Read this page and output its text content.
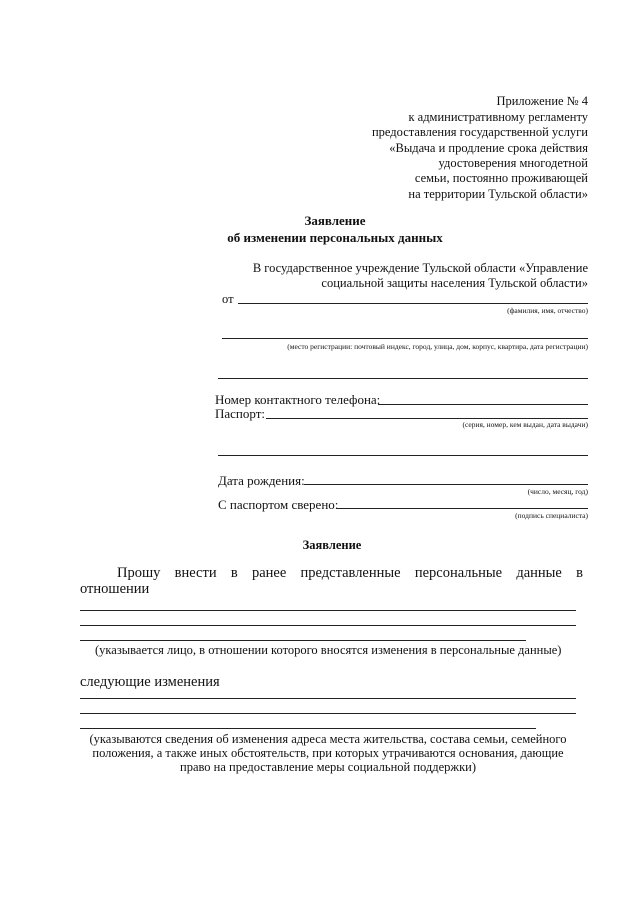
Приложение № 4
к административному регламенту
предоставления государственной услуги
«Выдача и продление срока действия
удостоверения многодетной
семьи, постоянно проживающей
на территории Тульской области»
Заявление
об изменении персональных данных
В государственное учреждение Тульской области «Управление
социальной защиты населения Тульской области»
от
(фамилия, имя, отчество)
(место регистрации: почтовый индекс, город, улица, дом, корпус, квартира, дата регистрации)
Номер контактного телефона:
Паспорт:
(серия, номер, кем выдан, дата выдачи)
Дата рождения:
(число, месяц, год)
С паспортом сверено:
(подпись специалиста)
Заявление
Прошу внести в ранее представленные персональные данные в
отношении
(указывается лицо, в отношении которого вносятся изменения в персональные данные)
следующие изменения
(указываются сведения об изменения адреса места жительства, состава семьи, семейного
положения, а также иных обстоятельств, при которых утрачиваются основания, дающие
право на предоставление меры социальной поддержки)
